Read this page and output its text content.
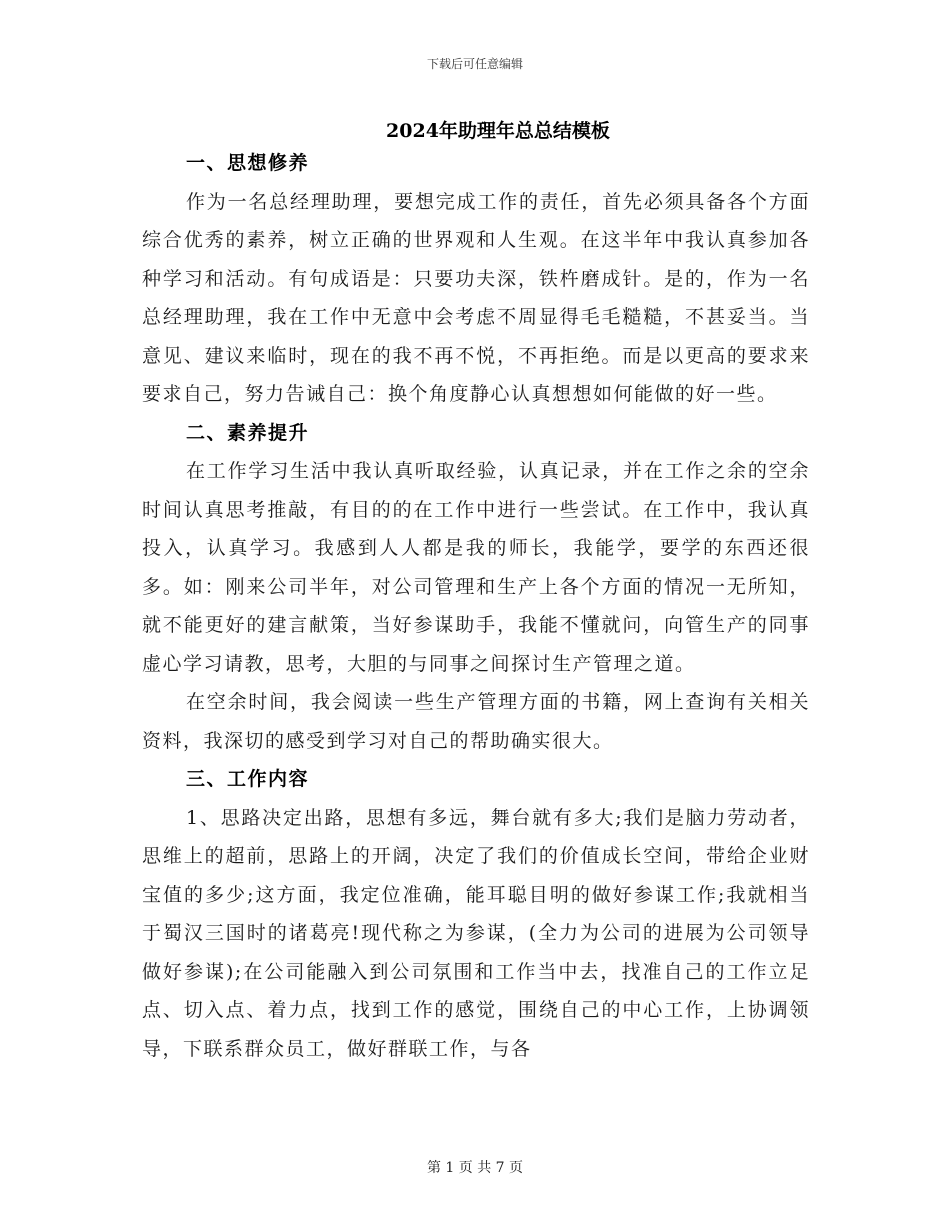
下载后可任意编辑
2024年助理年总总结模板

一、思想修养

作为一名总经理助理，要想完成工作的责任，首先必须具备各个方面综合优秀的素养，树立正确的世界观和人生观。在这半年中我认真参加各种学习和活动。有句成语是：只要功夫深，铁杵磨成针。是的，作为一名总经理助理，我在工作中无意中会考虑不周显得毛毛糙糙，不甚妥当。当意见、建议来临时，现在的我不再不悦，不再拒绝。而是以更高的要求来要求自己，努力告诫自己：换个角度静心认真想想如何能做的好一些。

二、素养提升

在工作学习生活中我认真听取经验，认真记录，并在工作之余的空余时间认真思考推敲，有目的的在工作中进行一些尝试。在工作中，我认真投入，认真学习。我感到人人都是我的师长，我能学，要学的东西还很多。如：刚来公司半年，对公司管理和生产上各个方面的情况一无所知，就不能更好的建言献策，当好参谋助手，我能不懂就问，向管生产的同事虚心学习请教，思考，大胆的与同事之间探讨生产管理之道。

在空余时间，我会阅读一些生产管理方面的书籍，网上查询有关相关资料，我深切的感受到学习对自己的帮助确实很大。

三、工作内容

1、思路决定出路，思想有多远，舞台就有多大;我们是脑力劳动者，思维上的超前，思路上的开阔，决定了我们的价值成长空间，带给企业财宝值的多少;这方面，我定位准确，能耳聪目明的做好参谋工作;我就相当于蜀汉三国时的诸葛亮!现代称之为参谋，(全力为公司的进展为公司领导做好参谋);在公司能融入到公司氛围和工作当中去，找准自己的工作立足点、切入点、着力点，找到工作的感觉，围绕自己的中心工作，上协调领导，下联系群众员工，做好群联工作，与各

第 1 页 共 7 页
